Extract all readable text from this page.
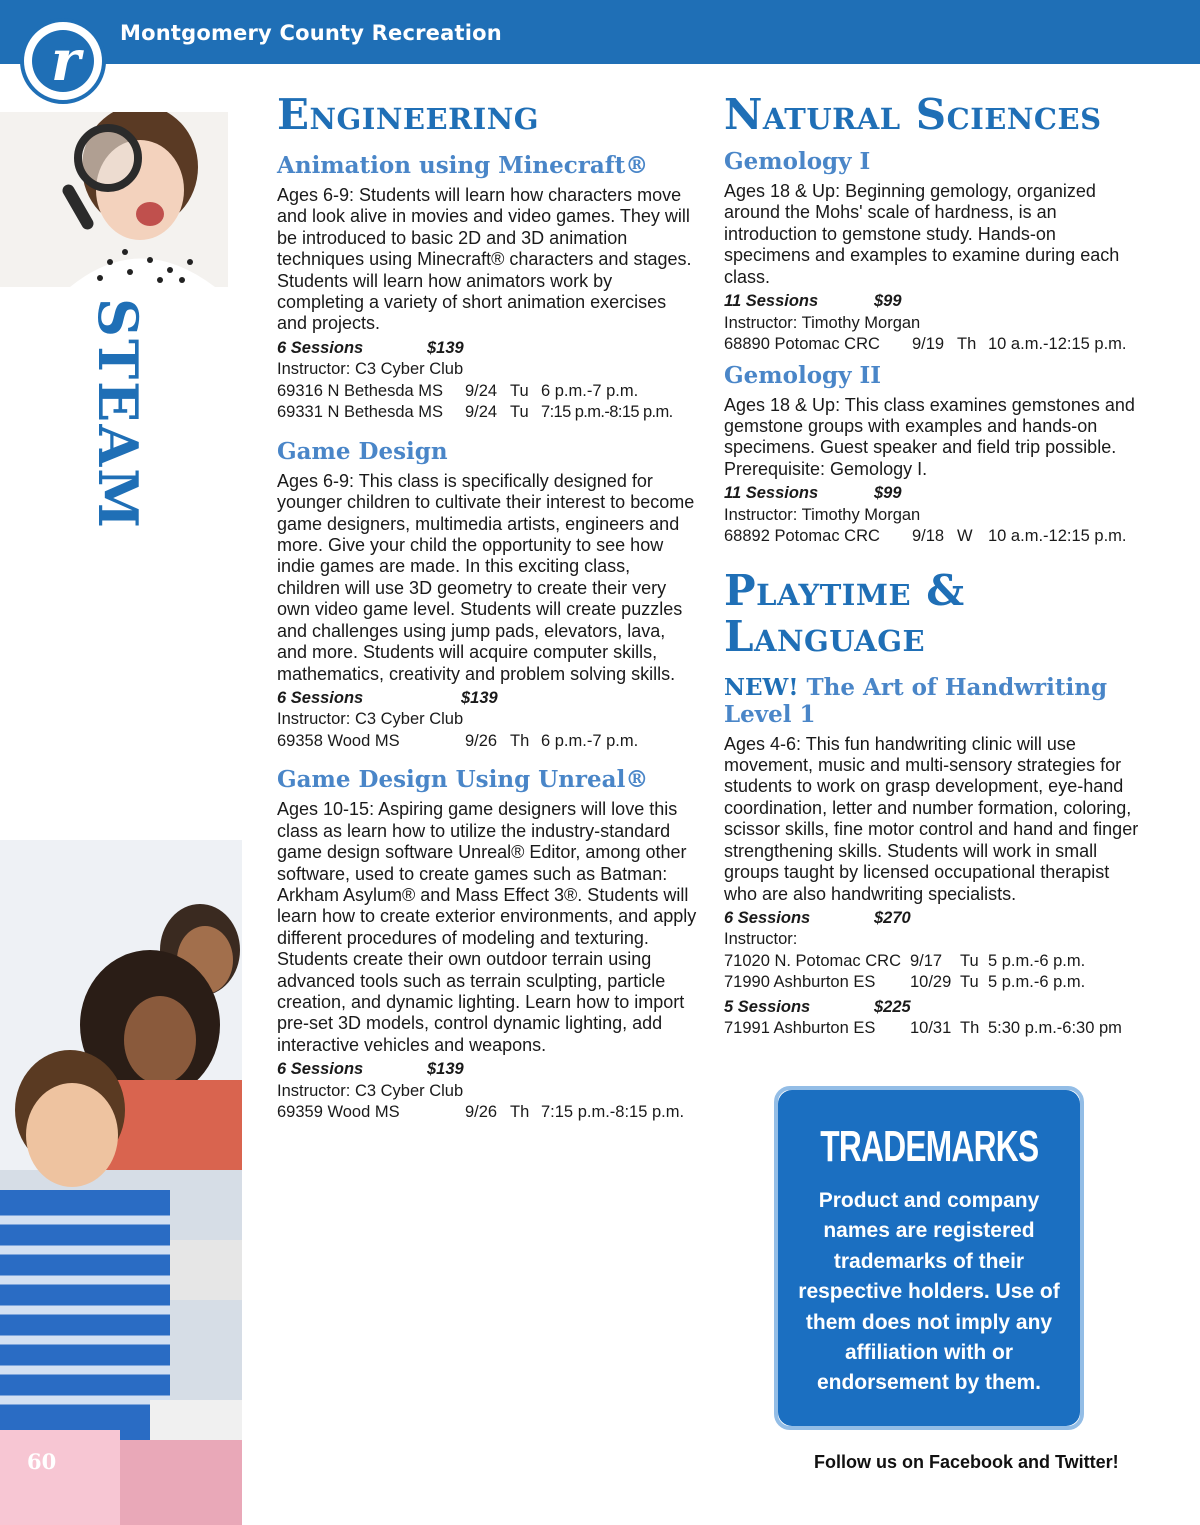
Montgomery County Recreation
r
STEAM
60
Engineering
Animation using Minecraft®
Ages 6-9: Students will learn how characters move and look alive in movies and video games. They will be introduced to basic 2D and 3D animation techniques using Minecraft® characters and stages. Students will learn how animators work by completing a variety of short animation exercises and projects.
6 Sessions	$139
Instructor: C3 Cyber Club
69316 N Bethesda MS 9/24 Tu 6 p.m.-7 p.m.
69331 N Bethesda MS 9/24 Tu 7:15 p.m.-8:15 p.m.
Game Design
Ages 6-9: This class is specifically designed for younger children to cultivate their interest to become game designers, multimedia artists, engineers and more. Give your child the opportunity to see how indie games are made. In this exciting class, children will use 3D geometry to create their very own video game level. Students will create puzzles and challenges using jump pads, elevators, lava, and more. Students will acquire computer skills, mathematics, creativity and problem solving skills.
6 Sessions	$139
Instructor: C3 Cyber Club
69358 Wood MS	9/26 Th 6 p.m.-7 p.m.
Game Design Using Unreal®
Ages 10-15: Aspiring game designers will love this class as learn how to utilize the industry-standard game design software Unreal® Editor, among other software, used to create games such as Batman: Arkham Asylum® and Mass Effect 3®. Students will learn how to create exterior environments, and apply different procedures of modeling and texturing. Students create their own outdoor terrain using advanced tools such as terrain sculpting, particle creation, and dynamic lighting. Learn how to import pre-set 3D models, control dynamic lighting, add interactive vehicles and weapons.
6 Sessions	$139
Instructor: C3 Cyber Club
69359 Wood MS	9/26 Th 7:15 p.m.-8:15 p.m.
Natural Sciences
Gemology I
Ages 18 & Up: Beginning gemology, organized around the Mohs' scale of hardness, is an introduction to gemstone study. Hands-on specimens and examples to examine during each class.
11 Sessions	$99
Instructor: Timothy Morgan
68890 Potomac CRC 9/19 Th 10 a.m.-12:15 p.m.
Gemology II
Ages 18 & Up: This class examines gemstones and gemstone groups with examples and hands-on specimens. Guest speaker and field trip possible. Prerequisite: Gemology I.
11 Sessions	$99
Instructor: Timothy Morgan
68892 Potomac CRC 9/18 W 10 a.m.-12:15 p.m.
Playtime &
Language
NEW! The Art of Handwriting
Level 1
Ages 4-6: This fun handwriting clinic will use movement, music and multi-sensory strategies for students to work on grasp development, eye-hand coordination, letter and number formation, coloring, scissor skills, fine motor control and hand and finger strengthening skills. Students will work in small groups taught by licensed occupational therapist who are also handwriting specialists.
6 Sessions	$270
Instructor:
71020 N. Potomac CRC 9/17 Tu 5 p.m.-6 p.m.
71990 Ashburton ES 10/29 Tu 5 p.m.-6 p.m.
5 Sessions	$225
71991 Ashburton ES 10/31 Th 5:30 p.m.-6:30 pm
TRADEMARKS
Product and company names are registered trademarks of their respective holders. Use of them does not imply any affiliation with or endorsement by them.
Follow us on Facebook and Twitter!
